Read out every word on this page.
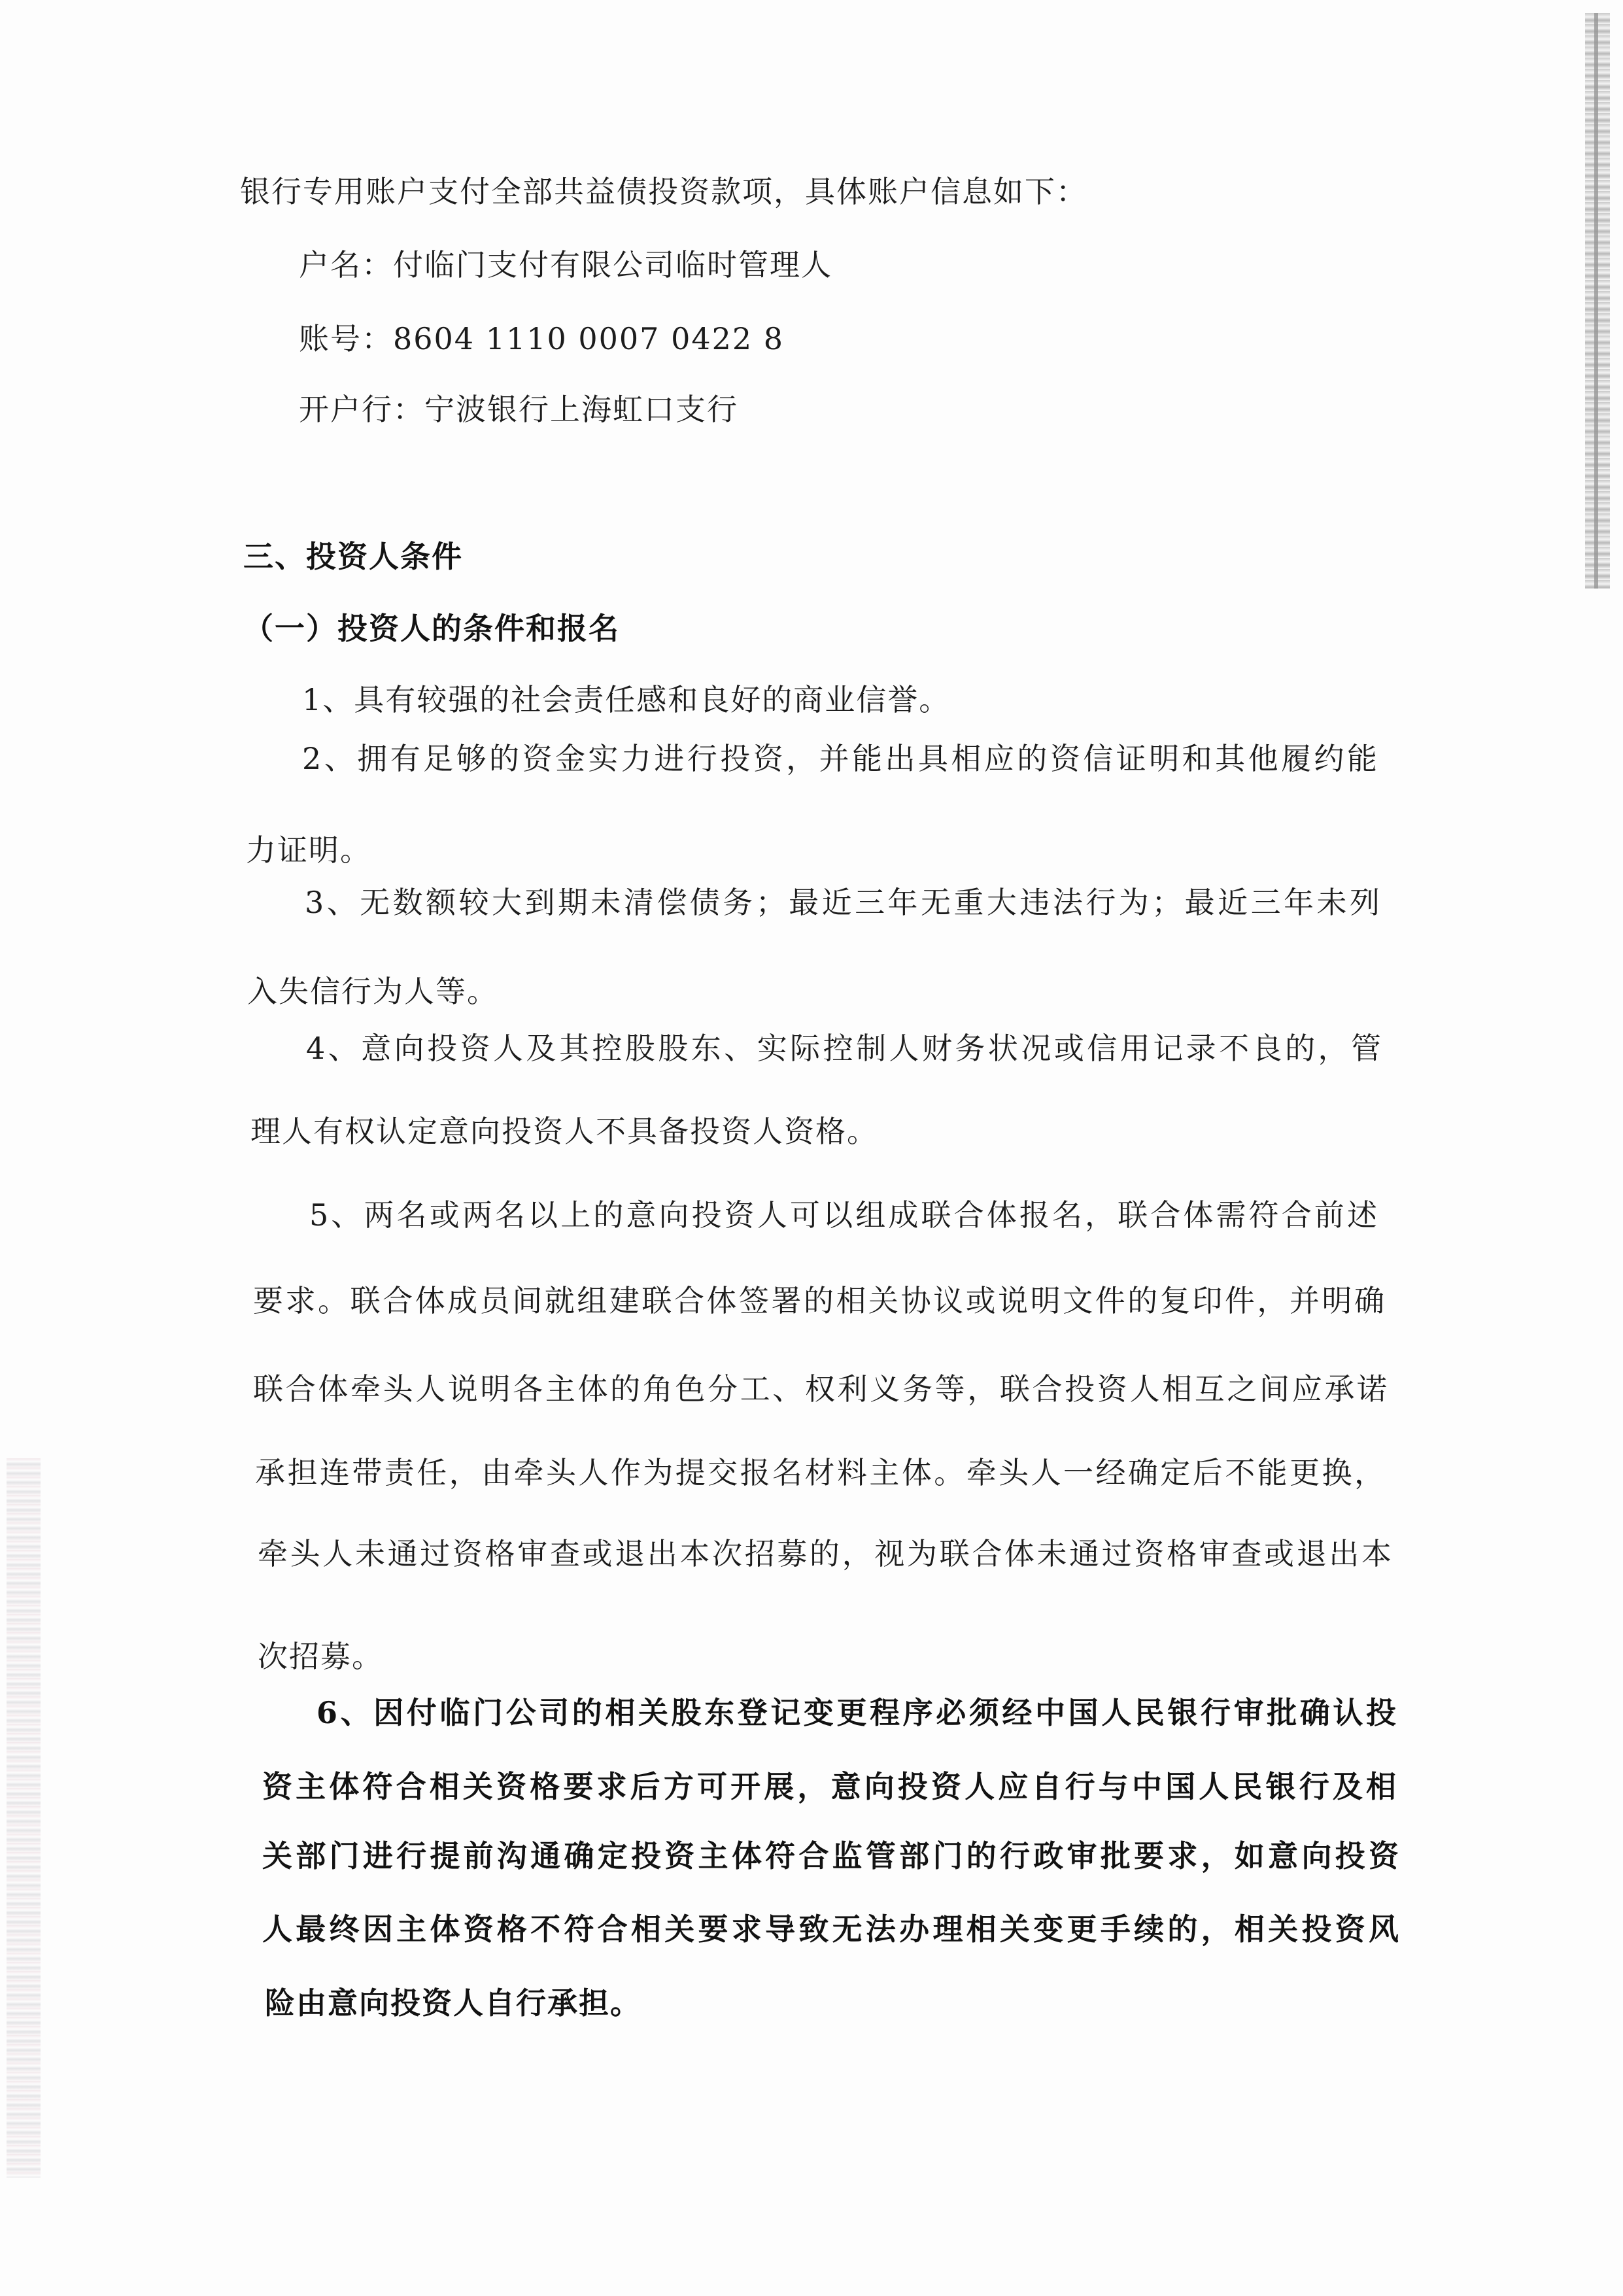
银行专用账户支付全部共益债投资款项，具体账户信息如下：
户名：付临门支付有限公司临时管理人
账号：8604 1110 0007 0422 8
开户行：宁波银行上海虹口支行
三、投资人条件
（一）投资人的条件和报名
1、具有较强的社会责任感和良好的商业信誉。
2、拥有足够的资金实力进行投资，并能出具相应的资信证明和其他履约能
力证明。
3、无数额较大到期未清偿债务；最近三年无重大违法行为；最近三年未列
入失信行为人等。
4、意向投资人及其控股股东、实际控制人财务状况或信用记录不良的，管
理人有权认定意向投资人不具备投资人资格。
5、两名或两名以上的意向投资人可以组成联合体报名，联合体需符合前述
要求。联合体成员间就组建联合体签署的相关协议或说明文件的复印件，并明确
联合体牵头人说明各主体的角色分工、权利义务等，联合投资人相互之间应承诺
承担连带责任，由牵头人作为提交报名材料主体。牵头人一经确定后不能更换，
牵头人未通过资格审查或退出本次招募的，视为联合体未通过资格审查或退出本
次招募。
6、因付临门公司的相关股东登记变更程序必须经中国人民银行审批确认投
资主体符合相关资格要求后方可开展，意向投资人应自行与中国人民银行及相
关部门进行提前沟通确定投资主体符合监管部门的行政审批要求，如意向投资
人最终因主体资格不符合相关要求导致无法办理相关变更手续的，相关投资风
险由意向投资人自行承担。
